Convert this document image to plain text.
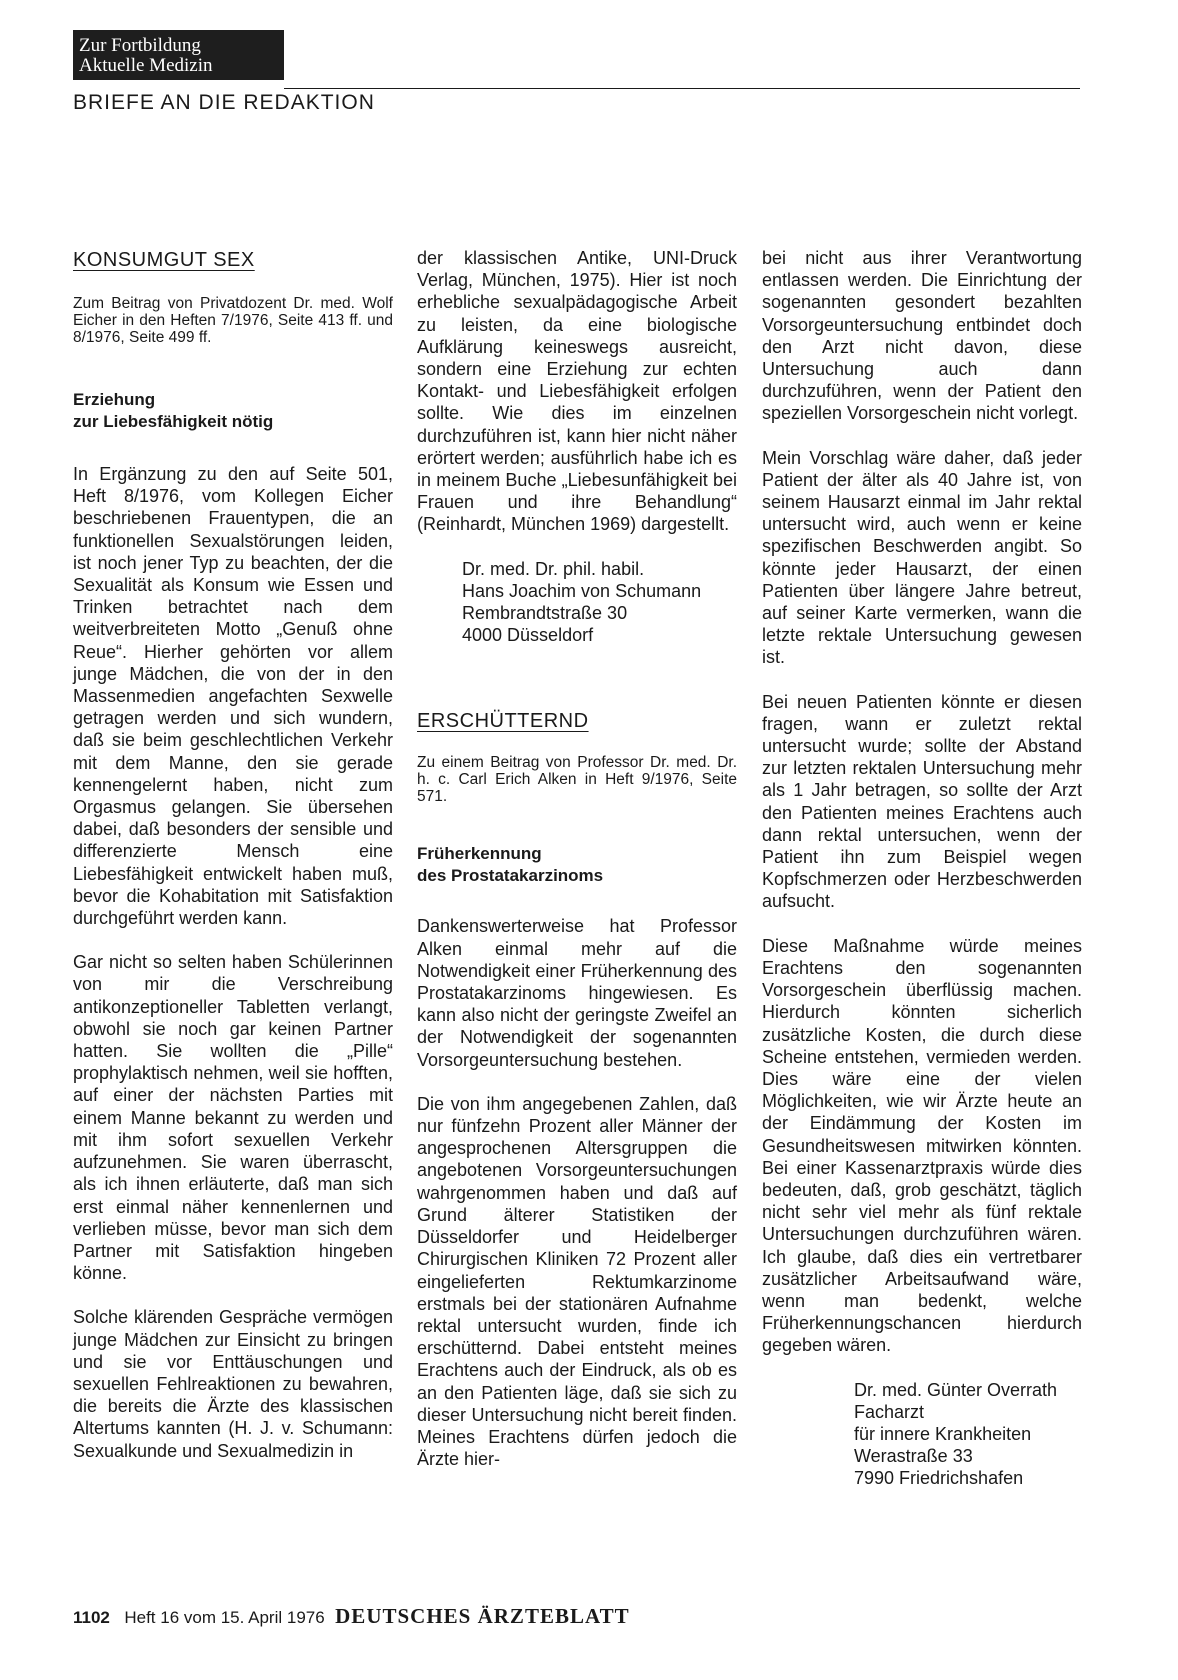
Zur Fortbildung
Aktuelle Medizin
BRIEFE AN DIE REDAKTION

KONSUMGUT SEX

Zum Beitrag von Privatdozent Dr. med. Wolf Eicher in den Heften 7/1976, Seite 413 ff. und 8/1976, Seite 499 ff.

Erziehung
zur Liebesfähigkeit nötig

In Ergänzung zu den auf Seite 501, Heft 8/1976, vom Kollegen Eicher beschriebenen Frauentypen, die an funktionellen Sexualstörungen leiden, ist noch jener Typ zu beachten, der die Sexualität als Konsum wie Essen und Trinken betrachtet nach dem weitverbreiteten Motto „Genuß ohne Reue“. Hierher gehörten vor allem junge Mädchen, die von der in den Massenmedien angefachten Sexwelle getragen werden und sich wundern, daß sie beim geschlechtlichen Verkehr mit dem Manne, den sie gerade kennengelernt haben, nicht zum Orgasmus gelangen. Sie übersehen dabei, daß besonders der sensible und differenzierte Mensch eine Liebesfähigkeit entwickelt haben muß, bevor die Kohabitation mit Satisfaktion durchgeführt werden kann.

Gar nicht so selten haben Schülerinnen von mir die Verschreibung antikonzeptioneller Tabletten verlangt, obwohl sie noch gar keinen Partner hatten. Sie wollten die „Pille“ prophylaktisch nehmen, weil sie hofften, auf einer der nächsten Parties mit einem Manne bekannt zu werden und mit ihm sofort sexuellen Verkehr aufzunehmen. Sie waren überrascht, als ich ihnen erläuterte, daß man sich erst einmal näher kennenlernen und verlieben müsse, bevor man sich dem Partner mit Satisfaktion hingeben könne.

Solche klärenden Gespräche vermögen junge Mädchen zur Einsicht zu bringen und sie vor Enttäuschungen und sexuellen Fehlreaktionen zu bewahren, die bereits die Ärzte des klassischen Altertums kannten (H. J. v. Schumann: Sexualkunde und Sexualmedizin in

der klassischen Antike, UNI-Druck Verlag, München, 1975). Hier ist noch erhebliche sexualpädagogische Arbeit zu leisten, da eine biologische Aufklärung keineswegs ausreicht, sondern eine Erziehung zur echten Kontakt- und Liebesfähigkeit erfolgen sollte. Wie dies im einzelnen durchzuführen ist, kann hier nicht näher erörtert werden; ausführlich habe ich es in meinem Buche „Liebesunfähigkeit bei Frauen und ihre Behandlung“ (Reinhardt, München 1969) dargestellt.

Dr. med. Dr. phil. habil.
Hans Joachim von Schumann
Rembrandtstraße 30
4000 Düsseldorf

ERSCHÜTTERND

Zu einem Beitrag von Professor Dr. med. Dr. h. c. Carl Erich Alken in Heft 9/1976, Seite 571.

Früherkennung
des Prostatakarzinoms

Dankenswerterweise hat Professor Alken einmal mehr auf die Notwendigkeit einer Früherkennung des Prostatakarzinoms hingewiesen. Es kann also nicht der geringste Zweifel an der Notwendigkeit der sogenannten Vorsorgeuntersuchung bestehen.

Die von ihm angegebenen Zahlen, daß nur fünfzehn Prozent aller Männer der angesprochenen Altersgruppen die angebotenen Vorsorgeuntersuchungen wahrgenommen haben und daß auf Grund älterer Statistiken der Düsseldorfer und Heidelberger Chirurgischen Kliniken 72 Prozent aller eingelieferten Rektumkarzinome erstmals bei der stationären Aufnahme rektal untersucht wurden, finde ich erschütternd. Dabei entsteht meines Erachtens auch der Eindruck, als ob es an den Patienten läge, daß sie sich zu dieser Untersuchung nicht bereit finden. Meines Erachtens dürfen jedoch die Ärzte hier-

bei nicht aus ihrer Verantwortung entlassen werden. Die Einrichtung der sogenannten gesondert bezahlten Vorsorgeuntersuchung entbindet doch den Arzt nicht davon, diese Untersuchung auch dann durchzuführen, wenn der Patient den speziellen Vorsorgeschein nicht vorlegt.

Mein Vorschlag wäre daher, daß jeder Patient der älter als 40 Jahre ist, von seinem Hausarzt einmal im Jahr rektal untersucht wird, auch wenn er keine spezifischen Beschwerden angibt. So könnte jeder Hausarzt, der einen Patienten über längere Jahre betreut, auf seiner Karte vermerken, wann die letzte rektale Untersuchung gewesen ist.

Bei neuen Patienten könnte er diesen fragen, wann er zuletzt rektal untersucht wurde; sollte der Abstand zur letzten rektalen Untersuchung mehr als 1 Jahr betragen, so sollte der Arzt den Patienten meines Erachtens auch dann rektal untersuchen, wenn der Patient ihn zum Beispiel wegen Kopfschmerzen oder Herzbeschwerden aufsucht.

Diese Maßnahme würde meines Erachtens den sogenannten Vorsorgeschein überflüssig machen. Hierdurch könnten sicherlich zusätzliche Kosten, die durch diese Scheine entstehen, vermieden werden. Dies wäre eine der vielen Möglichkeiten, wie wir Ärzte heute an der Eindämmung der Kosten im Gesundheitswesen mitwirken könnten. Bei einer Kassenarztpraxis würde dies bedeuten, daß, grob geschätzt, täglich nicht sehr viel mehr als fünf rektale Untersuchungen durchzuführen wären. Ich glaube, daß dies ein vertretbarer zusätzlicher Arbeitsaufwand wäre, wenn man bedenkt, welche Früherkennungschancen hierdurch gegeben wären.

Dr. med. Günter Overrath
Facharzt
für innere Krankheiten
Werastraße 33
7990 Friedrichshafen
1102 Heft 16 vom 15. April 1976 DEUTSCHES ÄRZTEBLATT
